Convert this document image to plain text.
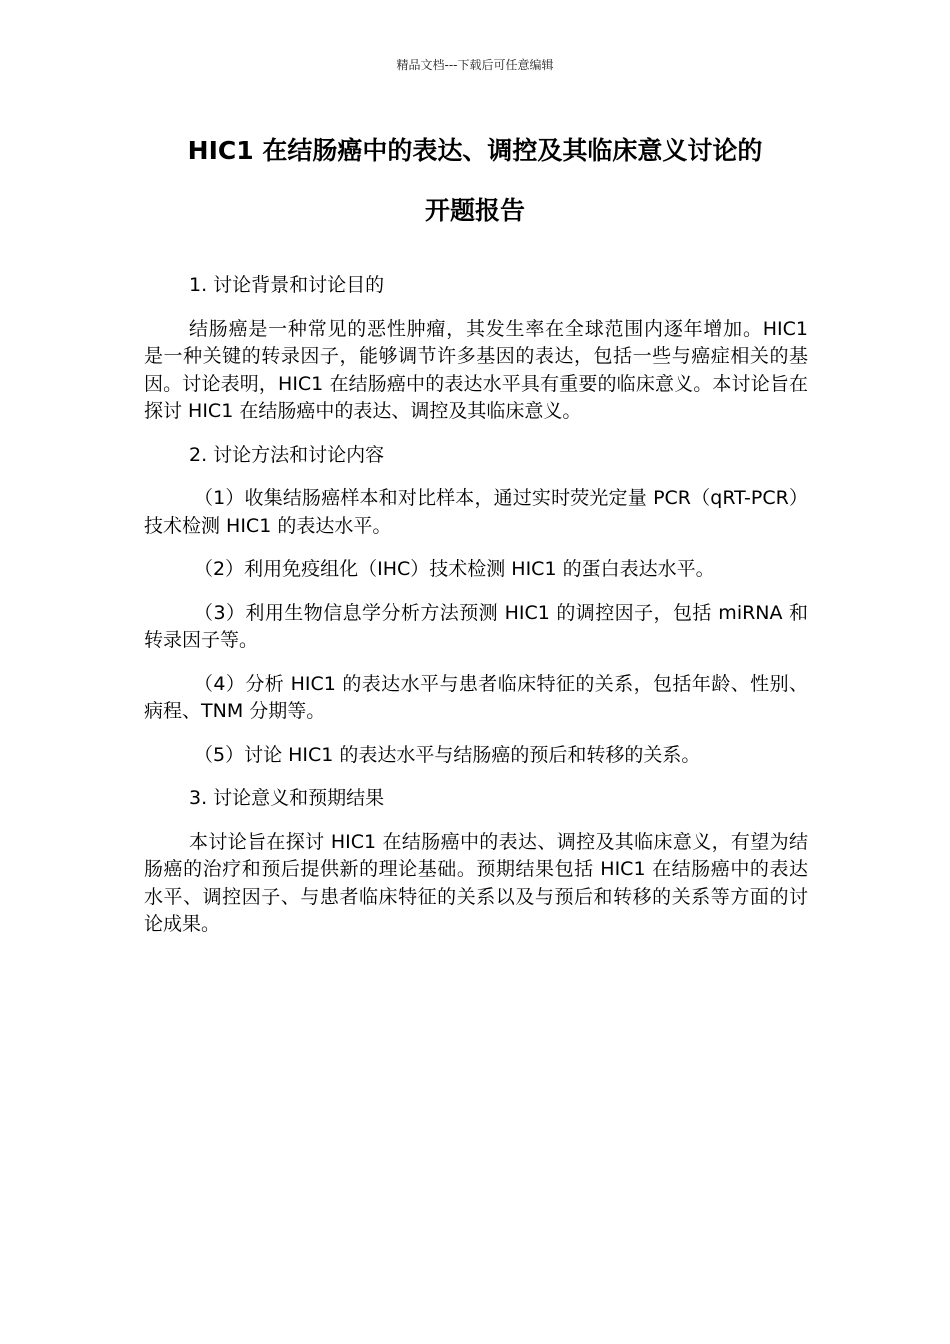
精品文档---下载后可任意编辑
HIC1 在结肠癌中的表达、调控及其临床意义讨论的
开题报告

1. 讨论背景和讨论目的

结肠癌是一种常见的恶性肿瘤，其发生率在全球范围内逐年增加。HIC1 是一种关键的转录因子，能够调节许多基因的表达，包括一些与癌症相关的基因。讨论表明，HIC1 在结肠癌中的表达水平具有重要的临床意义。本讨论旨在探讨 HIC1 在结肠癌中的表达、调控及其临床意义。

2. 讨论方法和讨论内容

（1）收集结肠癌样本和对比样本，通过实时荧光定量 PCR（qRT-PCR）技术检测 HIC1 的表达水平。

（2）利用免疫组化（IHC）技术检测 HIC1 的蛋白表达水平。

（3）利用生物信息学分析方法预测 HIC1 的调控因子，包括 miRNA 和转录因子等。

（4）分析 HIC1 的表达水平与患者临床特征的关系，包括年龄、性别、病程、TNM 分期等。

（5）讨论 HIC1 的表达水平与结肠癌的预后和转移的关系。

3. 讨论意义和预期结果

本讨论旨在探讨 HIC1 在结肠癌中的表达、调控及其临床意义，有望为结肠癌的治疗和预后提供新的理论基础。预期结果包括 HIC1 在结肠癌中的表达水平、调控因子、与患者临床特征的关系以及与预后和转移的关系等方面的讨论成果。
